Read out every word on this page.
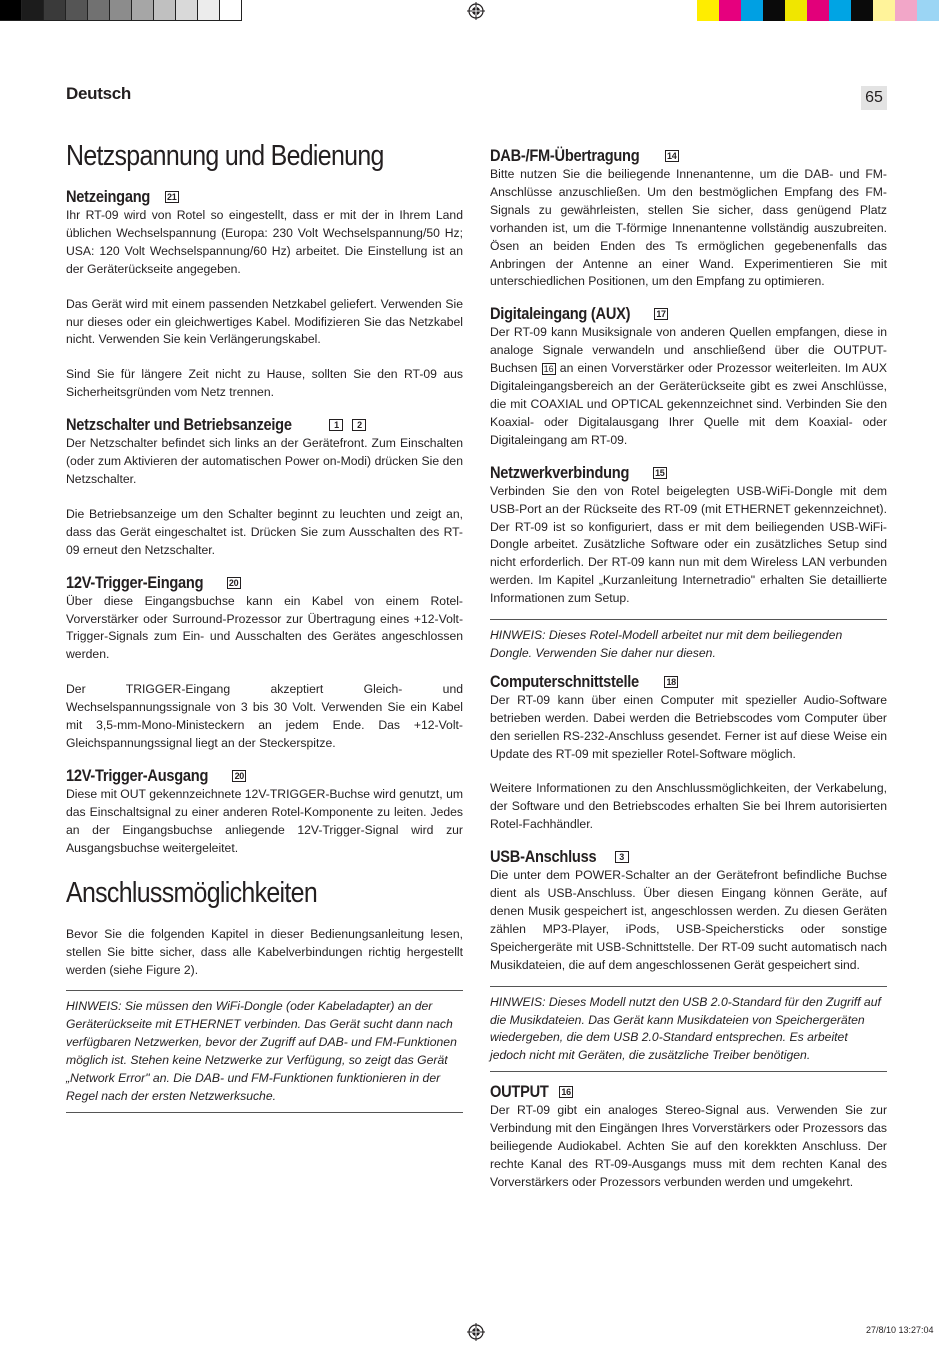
Deutsch	65
Netzspannung und Bedienung
Netzeingang 21

Ihr RT-09 wird von Rotel so eingestellt, dass er mit der in Ihrem Land üblichen Wechselspannung (Europa: 230 Volt Wechselspannung/50 Hz; USA: 120 Volt Wechselspannung/60 Hz) arbeitet. Die Einstellung ist an der Geräterückseite angegeben.

Das Gerät wird mit einem passenden Netzkabel geliefert. Verwenden Sie nur dieses oder ein gleichwertiges Kabel. Modifizieren Sie das Netzkabel nicht. Verwenden Sie kein Verlängerungskabel.

Sind Sie für längere Zeit nicht zu Hause, sollten Sie den RT-09 aus Sicherheitsgründen vom Netz trennen.

Netzschalter und Betriebsanzeige	1	2

Der Netzschalter befindet sich links an der Gerätefront. Zum Einschalten (oder zum Aktivieren der automatischen Power on-Modi) drücken Sie den Netzschalter.

Die Betriebsanzeige um den Schalter beginnt zu leuchten und zeigt an, dass das Gerät eingeschaltet ist. Drücken Sie zum Ausschalten des RT-09 erneut den Netzschalter.

12V-Trigger-Eingang	20

Über diese Eingangsbuchse kann ein Kabel von einem Rotel-Vorverstärker oder Surround-Prozessor zur Übertragung eines +12-Volt-Trigger-Signals zum Ein- und Ausschalten des Gerätes angeschlossen werden.

Der TRIGGER-Eingang akzeptiert Gleich- und Wechselspannungssignale von 3 bis 30 Volt. Verwenden Sie ein Kabel mit 3,5-mm-Mono-Ministeckern an jedem Ende. Das +12-Volt-Gleichspannungssignal liegt an der Steckerspitze.

12V-Trigger-Ausgang	20

Diese mit OUT gekennzeichnete 12V-TRIGGER-Buchse wird genutzt, um das Einschaltsignal zu einer anderen Rotel-Komponente zu leiten. Jedes an der Eingangsbuchse anliegende 12V-Trigger-Signal wird zur Ausgangsbuchse weitergeleitet.

Anschlussmöglichkeiten

Bevor Sie die folgenden Kapitel in dieser Bedienungsanleitung lesen, stellen Sie bitte sicher, dass alle Kabelverbindungen richtig hergestellt werden (siehe Figure 2).

HINWEIS: Sie müssen den WiFi-Dongle (oder Kabeladapter) an der Geräterückseite mit ETHERNET verbinden. Das Gerät sucht dann nach verfügbaren Netzwerken, bevor der Zugriff auf DAB- und FM-Funktionen möglich ist. Stehen keine Netzwerke zur Verfügung, so zeigt das Gerät „Network Error" an. Die DAB- und FM-Funktionen funktionieren in der Regel nach der ersten Netzwerksuche.
DAB-/FM-Übertragung	14

Bitte nutzen Sie die beiliegende Innenantenne, um die DAB- und FM-Anschlüsse anzuschließen. Um den bestmöglichen Empfang des FM-Signals zu gewährleisten, stellen Sie sicher, dass genügend Platz vorhanden ist, um die T-förmige Innenantenne vollständig auszubreiten. Ösen an beiden Enden des Ts ermöglichen gegebenenfalls das Anbringen der Antenne an einer Wand. Experimentieren Sie mit unterschiedlichen Positionen, um den Empfang zu optimieren.

Digitaleingang (AUX)	17

Der RT-09 kann Musiksignale von anderen Quellen empfangen, diese in analoge Signale verwandeln und anschließend über die OUTPUT-Buchsen 16 an einen Vorverstärker oder Prozessor weiterleiten. Im AUX Digitaleingangsbereich an der Geräterückseite gibt es zwei Anschlüsse, die mit COAXIAL und OPTICAL gekennzeichnet sind. Verbinden Sie den Koaxial- oder Digitalausgang Ihrer Quelle mit dem Koaxial- oder Digitaleingang am RT-09.

Netzwerkverbindung	15

Verbinden Sie den von Rotel beigelegten USB-WiFi-Dongle mit dem USB-Port an der Rückseite des RT-09 (mit ETHERNET gekennzeichnet). Der RT-09 ist so konfiguriert, dass er mit dem beiliegenden USB-WiFi-Dongle arbeitet. Zusätzliche Software oder ein zusätzliches Setup sind nicht erforderlich. Der RT-09 kann nun mit dem Wireless LAN verbunden werden. Im Kapitel „Kurzanleitung Internetradio" erhalten Sie detaillierte Informationen zum Setup.

HINWEIS: Dieses Rotel-Modell arbeitet nur mit dem beiliegenden Dongle. Verwenden Sie daher nur diesen.
Computerschnittstelle	18

Der RT-09 kann über einen Computer mit spezieller Audio-Software betrieben werden. Dabei werden die Betriebscodes vom Computer über den seriellen RS-232-Anschluss gesendet. Ferner ist auf diese Weise ein Update des RT-09 mit spezieller Rotel-Software möglich.

Weitere Informationen zu den Anschlussmöglichkeiten, der Verkabelung, der Software und den Betriebscodes erhalten Sie bei Ihrem autorisierten Rotel-Fachhändler.

USB-Anschluss	3

Die unter dem POWER-Schalter an der Gerätefront befindliche Buchse dient als USB-Anschluss. Über diesen Eingang können Geräte, auf denen Musik gespeichert ist, angeschlossen werden. Zu diesen Geräten zählen MP3-Player, iPods, USB-Speichersticks oder sonstige Speichergeräte mit USB-Schnittstelle. Der RT-09 sucht automatisch nach Musikdateien, die auf dem angeschlossenen Gerät gespeichert sind.

HINWEIS: Dieses Modell nutzt den USB 2.0-Standard für den Zugriff auf die Musikdateien. Das Gerät kann Musikdateien von Speichergeräten wiedergeben, die dem USB 2.0-Standard entsprechen. Es arbeitet jedoch nicht mit Geräten, die zusätzliche Treiber benötigen.
OUTPUT 16

Der RT-09 gibt ein analoges Stereo-Signal aus. Verwenden Sie zur Verbindung mit den Eingängen Ihres Vorverstärkers oder Prozessors das beiliegende Audiokabel. Achten Sie auf den korekkten Anschluss. Der rechte Kanal des RT-09-Ausgangs muss mit dem rechten Kanal des Vorverstärkers oder Prozessors verbunden werden und umgekehrt.

27/8/10 13:27:04
